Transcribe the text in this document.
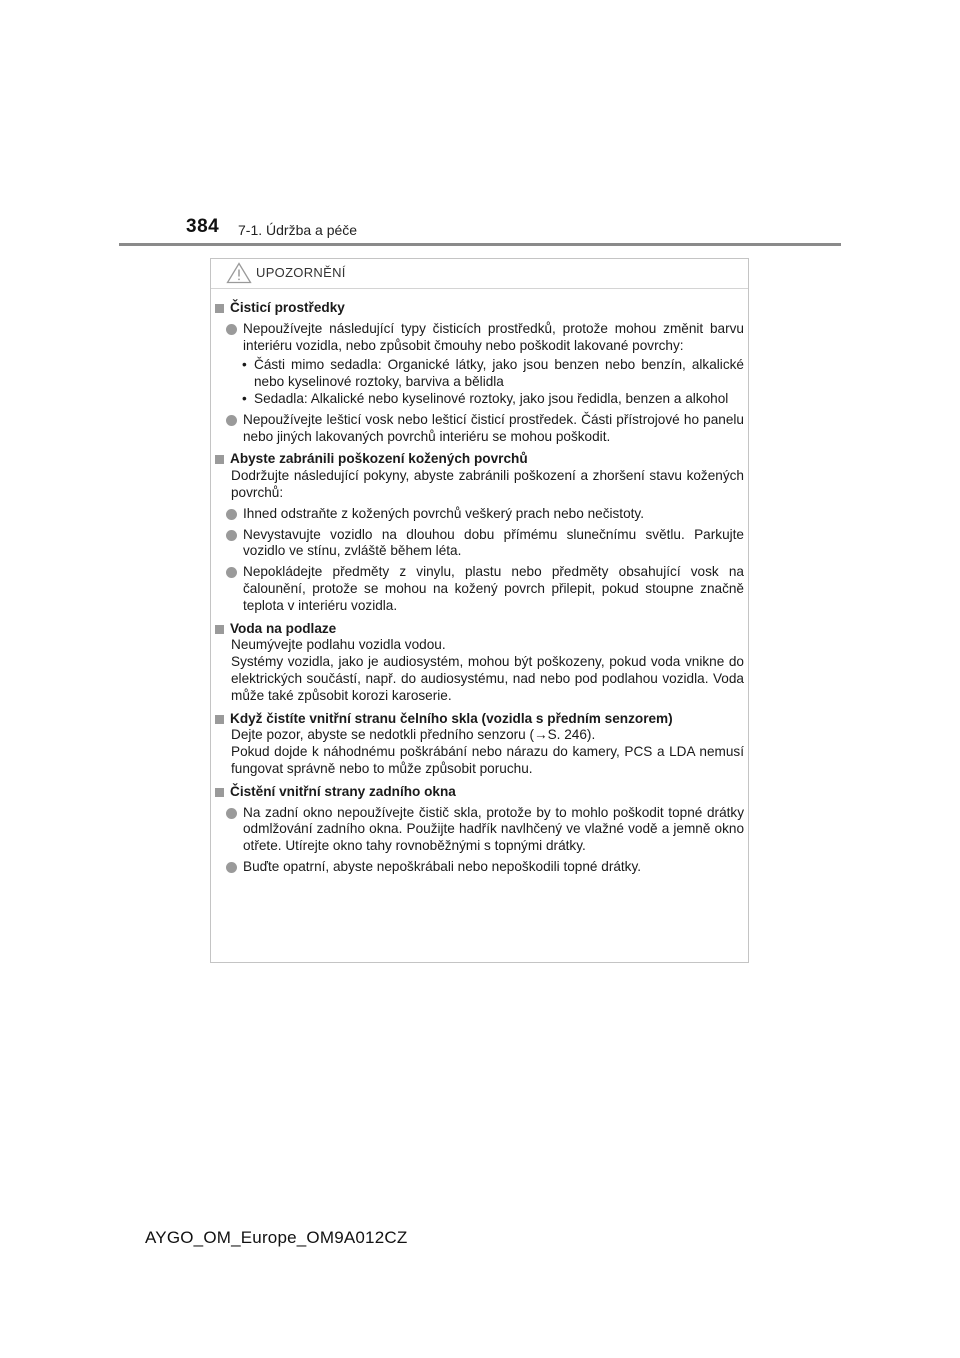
384 7-1. Údržba a péče
UPOZORNĚNÍ
Čisticí prostředky
Nepoužívejte následující typy čisticích prostředků, protože mohou změnit barvu interiéru vozidla, nebo způsobit čmouhy nebo poškodit lakované povrchy:
• Části mimo sedadla: Organické látky, jako jsou benzen nebo benzín, alkalické nebo kyselinové roztoky, barviva a bělidla
• Sedadla: Alkalické nebo kyselinové roztoky, jako jsou ředidla, benzen a alkohol
Nepoužívejte lešticí vosk nebo lešticí čisticí prostředek. Části přístrojové ho panelu nebo jiných lakovaných povrchů interiéru se mohou poškodit.
Abyste zabránili poškození kožených povrchů
Dodržujte následující pokyny, abyste zabránili poškození a zhoršení stavu kožených povrchů:
Ihned odstraňte z kožených povrchů veškerý prach nebo nečistoty.
Nevystavujte vozidlo na dlouhou dobu přímému slunečnímu světlu. Parkujte vozidlo ve stínu, zvláště během léta.
Nepokládejte předměty z vinylu, plastu nebo předměty obsahující vosk na čalounění, protože se mohou na kožený povrch přilepit, pokud stoupne značně teplota v interiéru vozidla.
Voda na podlaze
Neumývejte podlahu vozidla vodou.
Systémy vozidla, jako je audiosystém, mohou být poškozeny, pokud voda vnikne do elektrických součástí, např. do audiosystému, nad nebo pod podlahou vozidla. Voda může také způsobit korozi karoserie.
Když čistíte vnitřní stranu čelního skla (vozidla s předním senzorem)
Dejte pozor, abyste se nedotkli předního senzoru (→S. 246).
Pokud dojde k náhodnému poškrábání nebo nárazu do kamery, PCS a LDA nemusí fungovat správně nebo to může způsobit poruchu.
Čistění vnitřní strany zadního okna
Na zadní okno nepoužívejte čistič skla, protože by to mohlo poškodit topné drátky odmlžování zadního okna. Použijte hadřík navlhčený ve vlažné vodě a jemně okno otřete. Utírejte okno tahy rovnoběžnými s topnými drátky.
Buďte opatrní, abyste nepoškrábali nebo nepoškodili topné drátky.
AYGO_OM_Europe_OM9A012CZ
